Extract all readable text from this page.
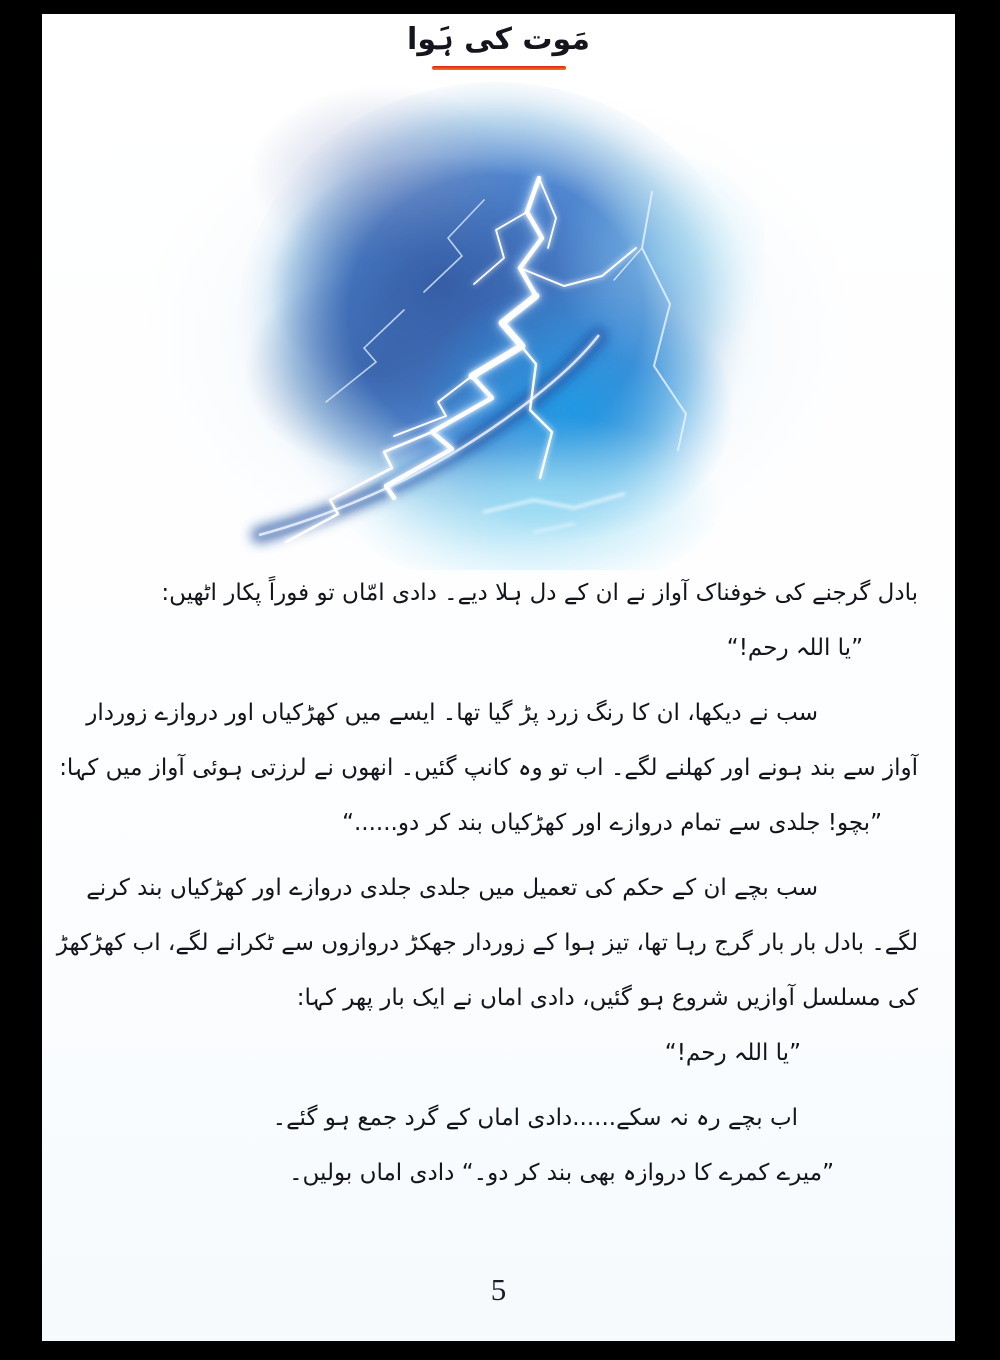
مَوت کی ہَوا
بادل گرجنے کی خوفناک آواز نے ان کے دل ہلا دیے۔ دادی امّاں تو فوراً پکار اٹھیں:
”یا اللہ رحم!“
سب نے دیکھا، ان کا رنگ زرد پڑ گیا تھا۔ ایسے میں کھڑکیاں اور دروازے زوردار
آواز سے بند ہونے اور کھلنے لگے۔ اب تو وہ کانپ گئیں۔ انھوں نے لرزتی ہوئی آواز میں کہا:
”بچو! جلدی سے تمام دروازے اور کھڑکیاں بند کر دو......“
سب بچے ان کے حکم کی تعمیل میں جلدی جلدی دروازے اور کھڑکیاں بند کرنے
لگے۔ بادل بار بار گرج رہا تھا، تیز ہوا کے زوردار جھکڑ دروازوں سے ٹکرانے لگے، اب کھڑکھڑ
کی مسلسل آوازیں شروع ہو گئیں، دادی اماں نے ایک بار پھر کہا:
”یا اللہ رحم!“
اب بچے رہ نہ سکے......دادی اماں کے گرد جمع ہو گئے۔
”میرے کمرے کا دروازہ بھی بند کر دو۔“ دادی اماں بولیں۔
5
